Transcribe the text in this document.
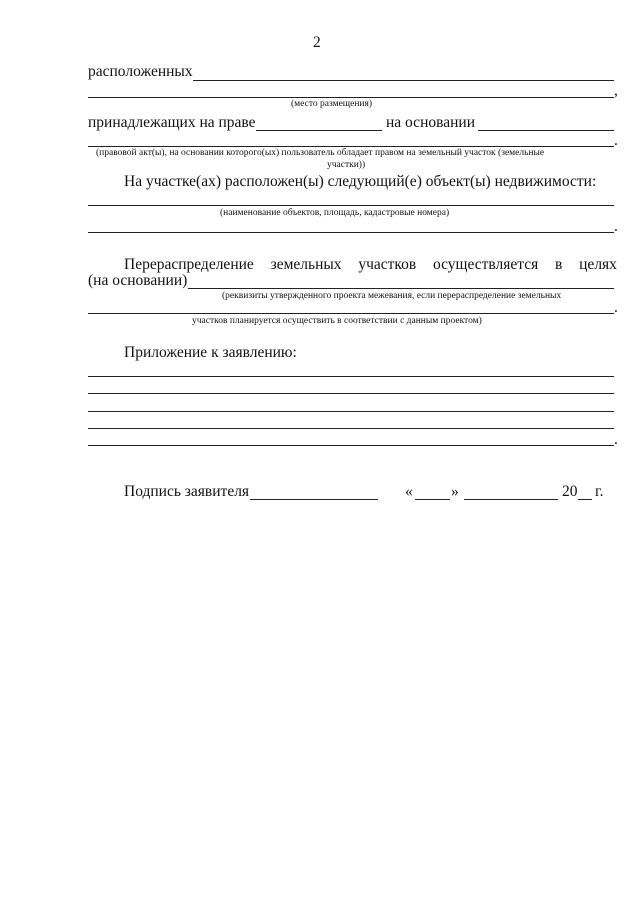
2
расположенных
,
(место размещения)
принадлежащих на праве	на основании
.
(правовой акт(ы), на основании которого(ых) пользователь обладает правом на земельный участок (земельные
участки))
На участке(ах) расположен(ы) следующий(е) объект(ы) недвижимости:
(наименование объектов, площадь, кадастровые номера)
.
Перераспределение земельных участков осуществляется в целях
(на основании)
(реквизиты утвержденного проекта межевания, если перераспределение земельных
.
участков планируется осуществить в соответствии с данным проектом)
Приложение к заявлению:
.
Подпись заявителя	« »	20 г.
